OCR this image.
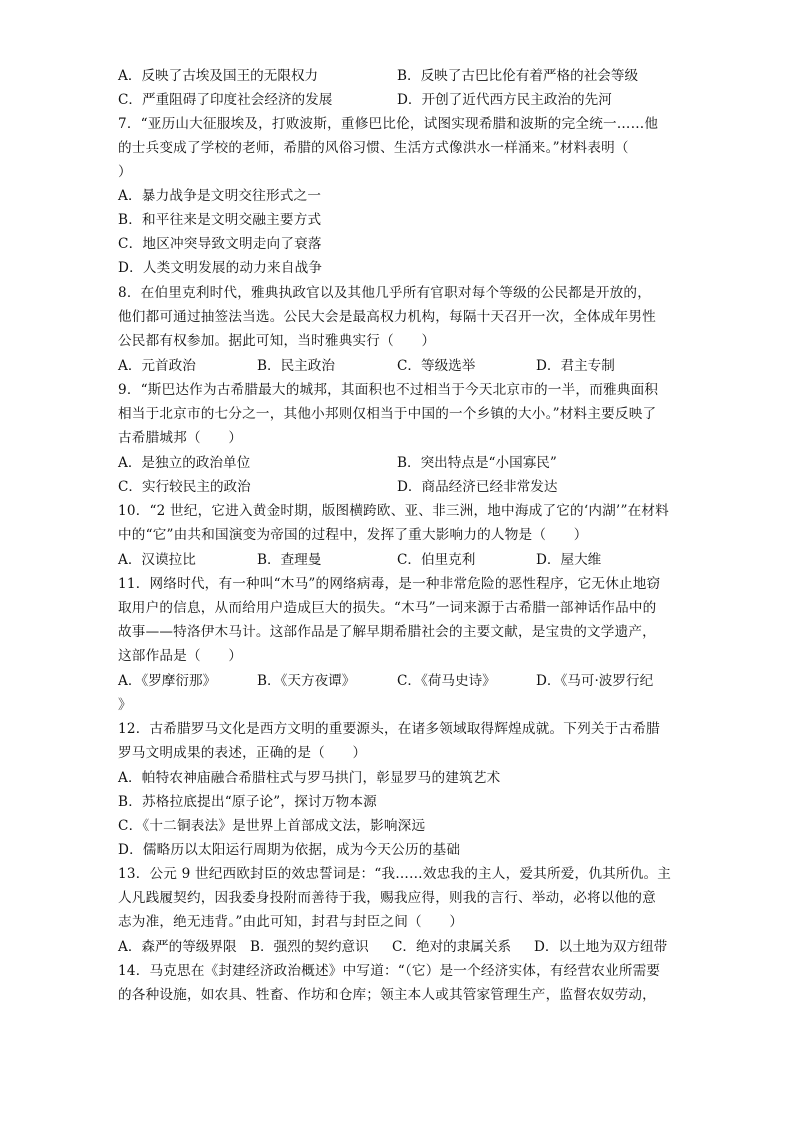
A．反映了古埃及国王的无限权力	B．反映了古巴比伦有着严格的社会等级
C．严重阻碍了印度社会经济的发展	D．开创了近代西方民主政治的先河
7．“亚历山大征服埃及，打败波斯，重修巴比伦，试图实现希腊和波斯的完全统一……他
的士兵变成了学校的老师，希腊的风俗习惯、生活方式像洪水一样涌来。”材料表明（
）
A．暴力战争是文明交往形式之一
B．和平往来是文明交融主要方式
C．地区冲突导致文明走向了衰落
D．人类文明发展的动力来自战争
8．在伯里克利时代，雅典执政官以及其他几乎所有官职对每个等级的公民都是开放的，
他们都可通过抽签法当选。公民大会是最高权力机构，每隔十天召开一次，全体成年男性
公民都有权参加。据此可知，当时雅典实行（　　）
A．元首政治	B．民主政治	C．等级选举	D．君主专制
9．“斯巴达作为古希腊最大的城邦，其面积也不过相当于今天北京市的一半，而雅典面积
相当于北京市的七分之一，其他小邦则仅相当于中国的一个乡镇的大小。”材料主要反映了
古希腊城邦（　　）
A．是独立的政治单位	B．突出特点是“小国寡民”
C．实行较民主的政治	D．商品经济已经非常发达
10．“2 世纪，它进入黄金时期，版图横跨欧、亚、非三洲，地中海成了它的‘内湖’”在材料
中的“它”由共和国演变为帝国的过程中，发挥了重大影响力的人物是（　　）
A．汉谟拉比	B．查理曼	C．伯里克利	D．屋大维
11．网络时代，有一种叫“木马”的网络病毒，是一种非常危险的恶性程序，它无休止地窃
取用户的信息，从而给用户造成巨大的损失。“木马”一词来源于古希腊一部神话作品中的
故事——特洛伊木马计。这部作品是了解早期希腊社会的主要文献，是宝贵的文学遗产，
这部作品是（　　）
A．《罗摩衍那》	B．《天方夜谭》	C．《荷马史诗》	D．《马可·波罗行纪
》
12．古希腊罗马文化是西方文明的重要源头，在诸多领域取得辉煌成就。下列关于古希腊
罗马文明成果的表述，正确的是（　　）
A．帕特农神庙融合希腊柱式与罗马拱门，彰显罗马的建筑艺术
B．苏格拉底提出“原子论”，探讨万物本源
C．《十二铜表法》是世界上首部成文法，影响深远
D．儒略历以太阳运行周期为依据，成为今天公历的基础
13．公元 9 世纪西欧封臣的效忠誓词是：“我……效忠我的主人，爱其所爱，仇其所仇。主
人凡践履契约，因我委身投附而善待于我，赐我应得，则我的言行、举动，必将以他的意
志为准，绝无违背。”由此可知，封君与封臣之间（　　）
A．森严的等级界限 B．强烈的契约意识 C．绝对的隶属关系 D．以土地为双方纽带
14．马克思在《封建经济政治概述》中写道：“（它）是一个经济实体，有经营农业所需要
的各种设施，如农具、牲畜、作坊和仓库；领主本人或其管家管理生产，监督农奴劳动，
